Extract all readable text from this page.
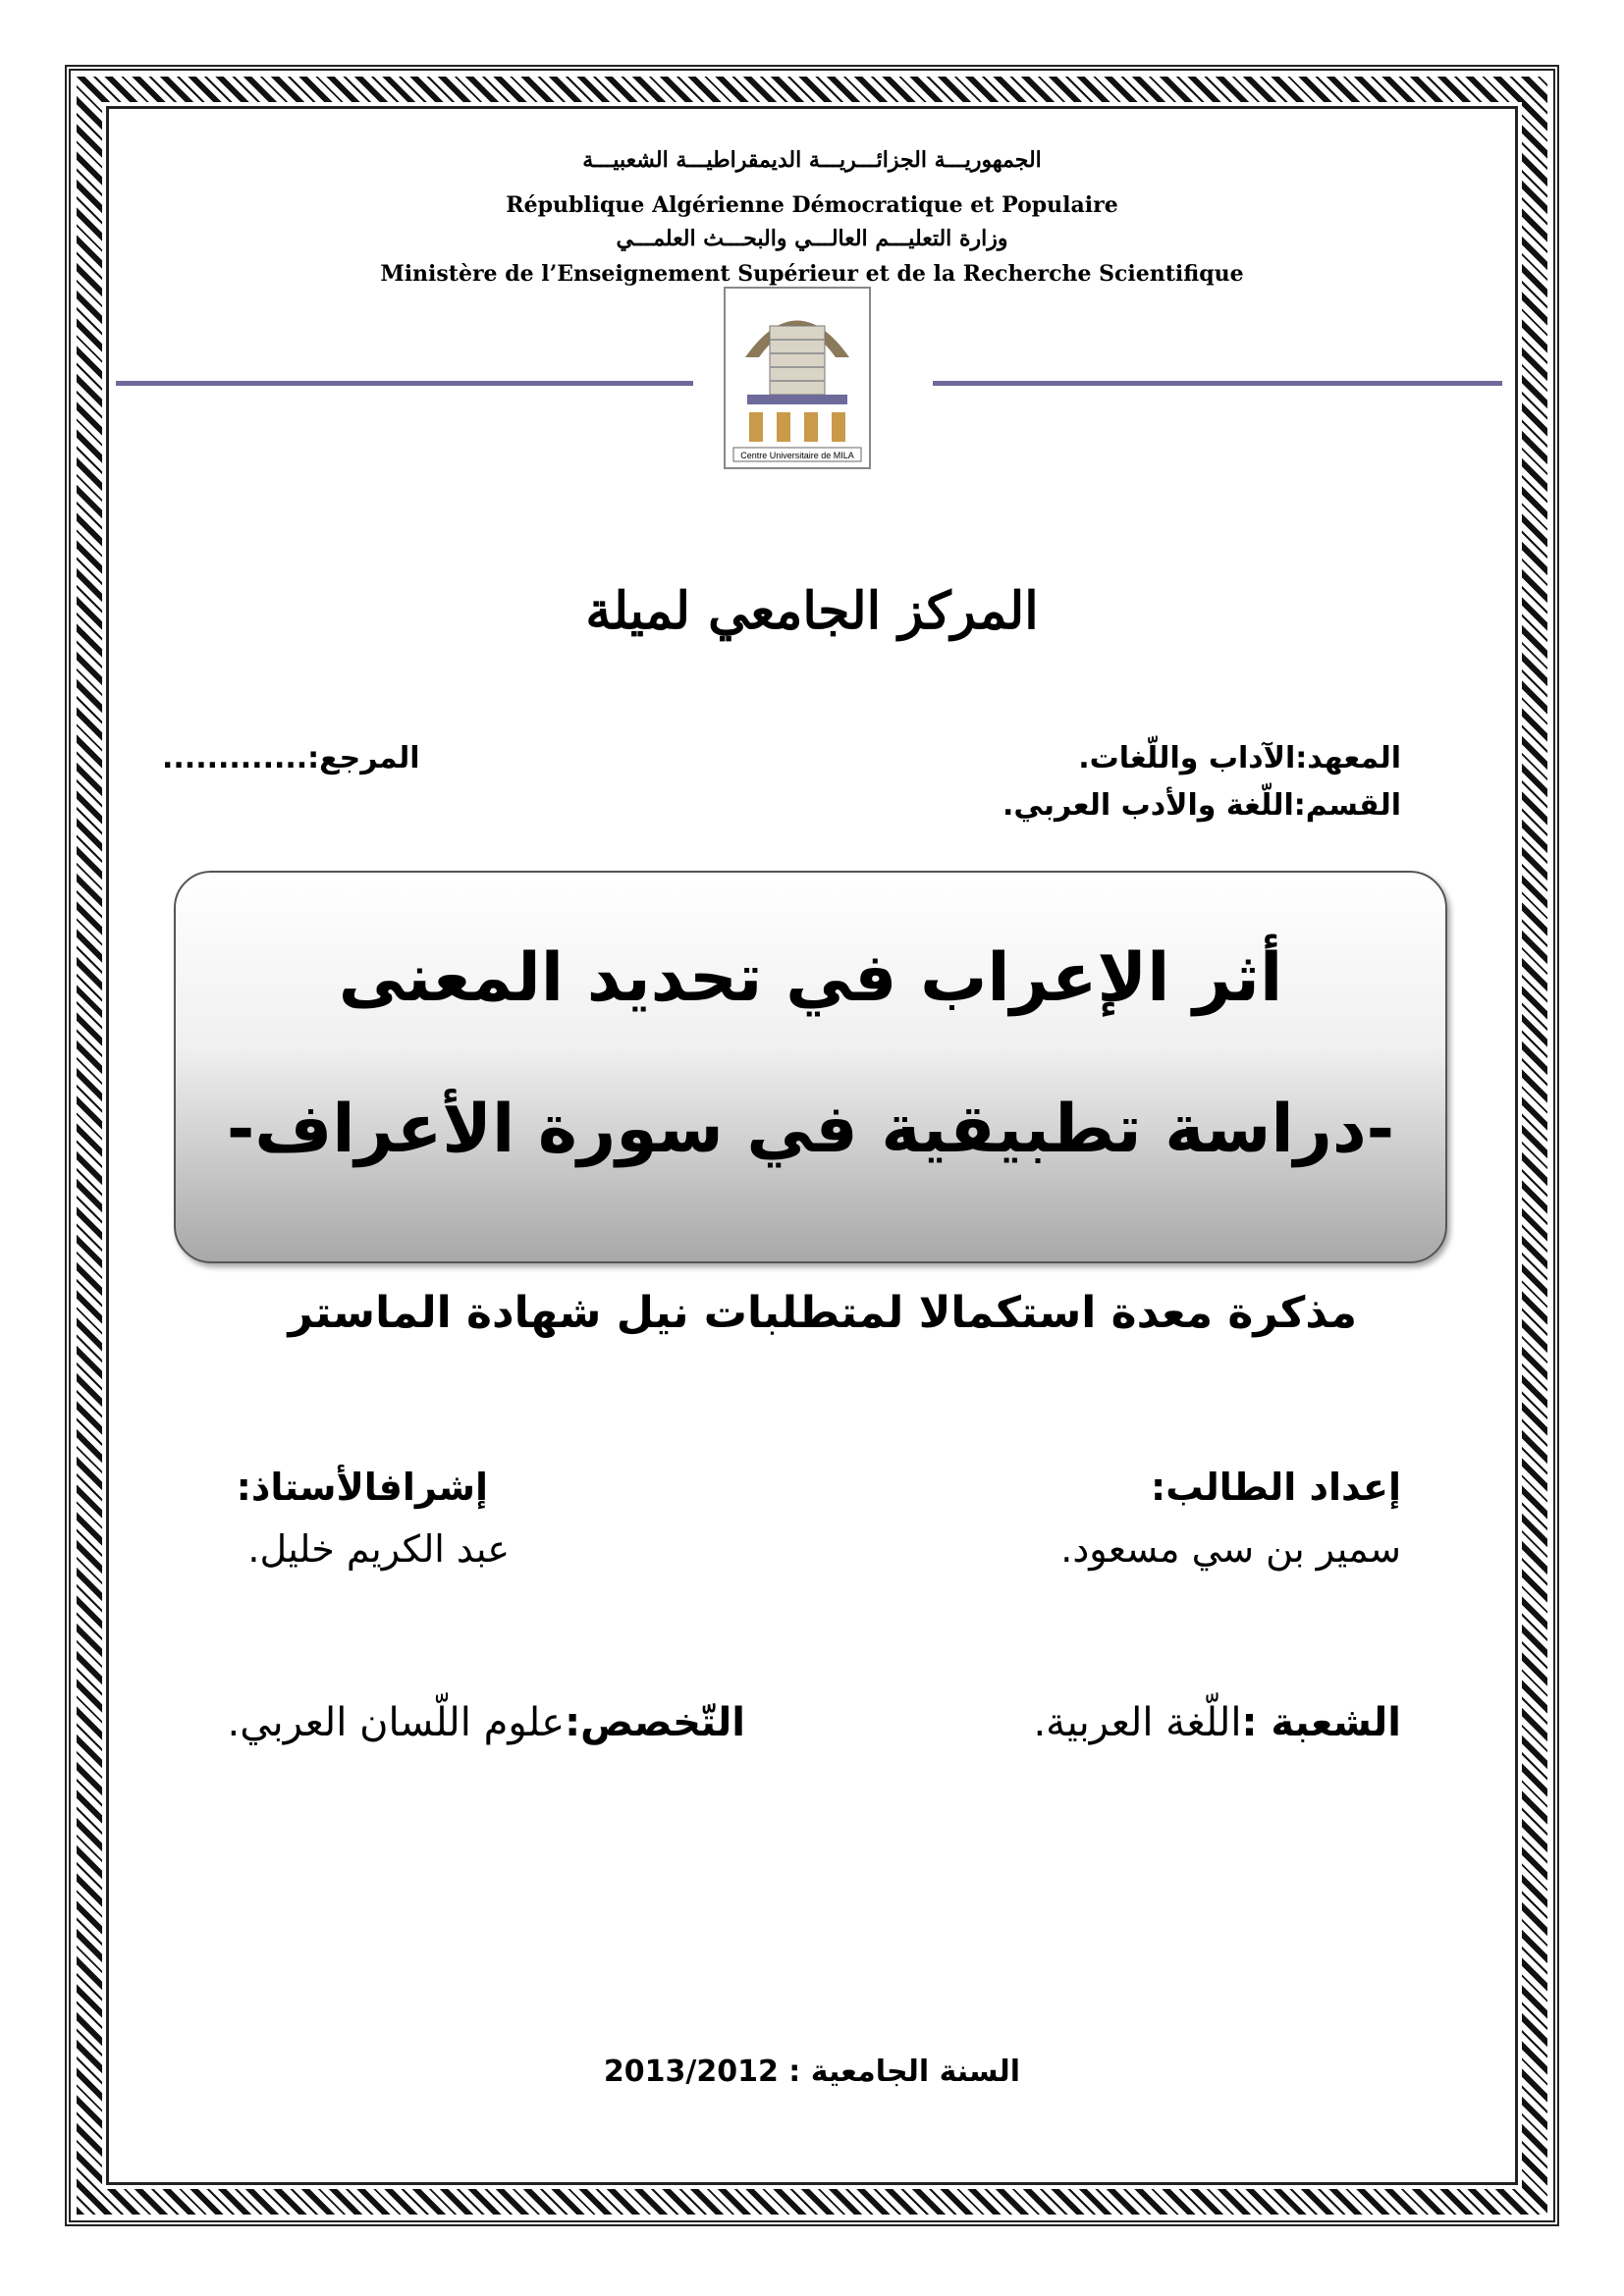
الجمهوريـــة الجزائـــريـــة الديمقراطيـــة الشعبيـــة
République Algérienne Démocratique et Populaire
وزارة التعليـــم العالـــي والبحـــث العلمـــي
Ministère de l’Enseignement Supérieur et de la Recherche Scientifique
Centre Universitaire de MILA
المركز الجامعي لميلة
المعهد:الآداب واللّغات.
القسم:اللّغة والأدب العربي.
المرجع:.............
أثر الإعراب في تحديد المعنى
-دراسة تطبيقية في سورة الأعراف-
مذكرة معدة استكمالا لمتطلبات نيل شهادة الماستر
إعداد الطالب:
سمير بن سي مسعود.
إشرافالأستاذ:
عبد الكريم خليل.
الشعبة :اللّغة العربية.
التّخصص:علوم اللّسان العربي.
السنة الجامعية : 2013/2012
